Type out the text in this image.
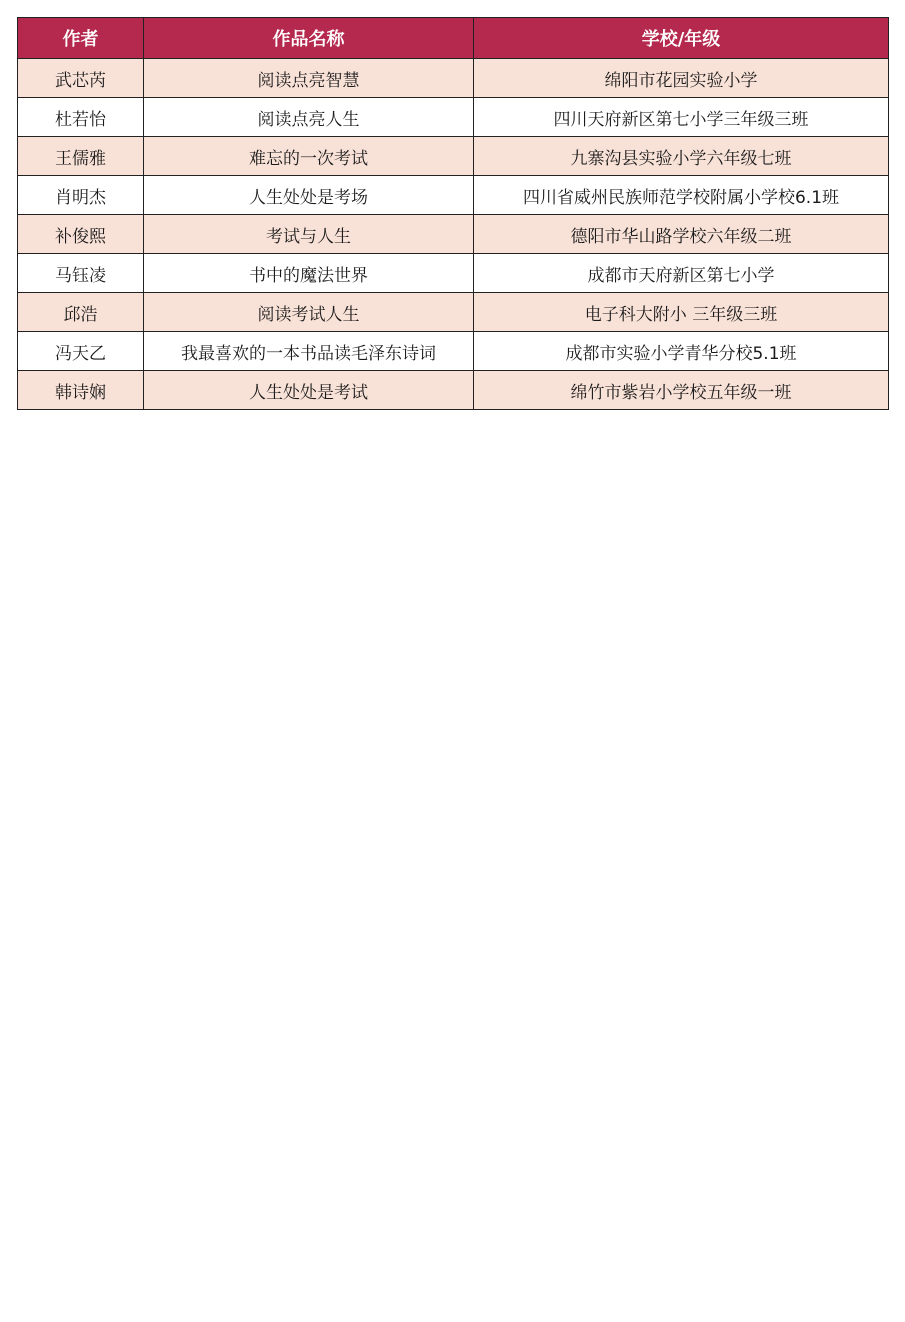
作者	作品名称	学校/年级
武芯芮	阅读点亮智慧	绵阳市花园实验小学
杜若怡	阅读点亮人生	四川天府新区第七小学三年级三班
王儒雅	难忘的一次考试	九寨沟县实验小学六年级七班
肖明杰	人生处处是考场	四川省威州民族师范学校附属小学校6.1班
补俊熙	考试与人生	德阳市华山路学校六年级二班
马钰凌	书中的魔法世界	成都市天府新区第七小学
邱浩	阅读考试人生	电子科大附小 三年级三班
冯天乙	我最喜欢的一本书品读毛泽东诗词	成都市实验小学青华分校5.1班
韩诗娴	人生处处是考试	绵竹市紫岩小学校五年级一班
